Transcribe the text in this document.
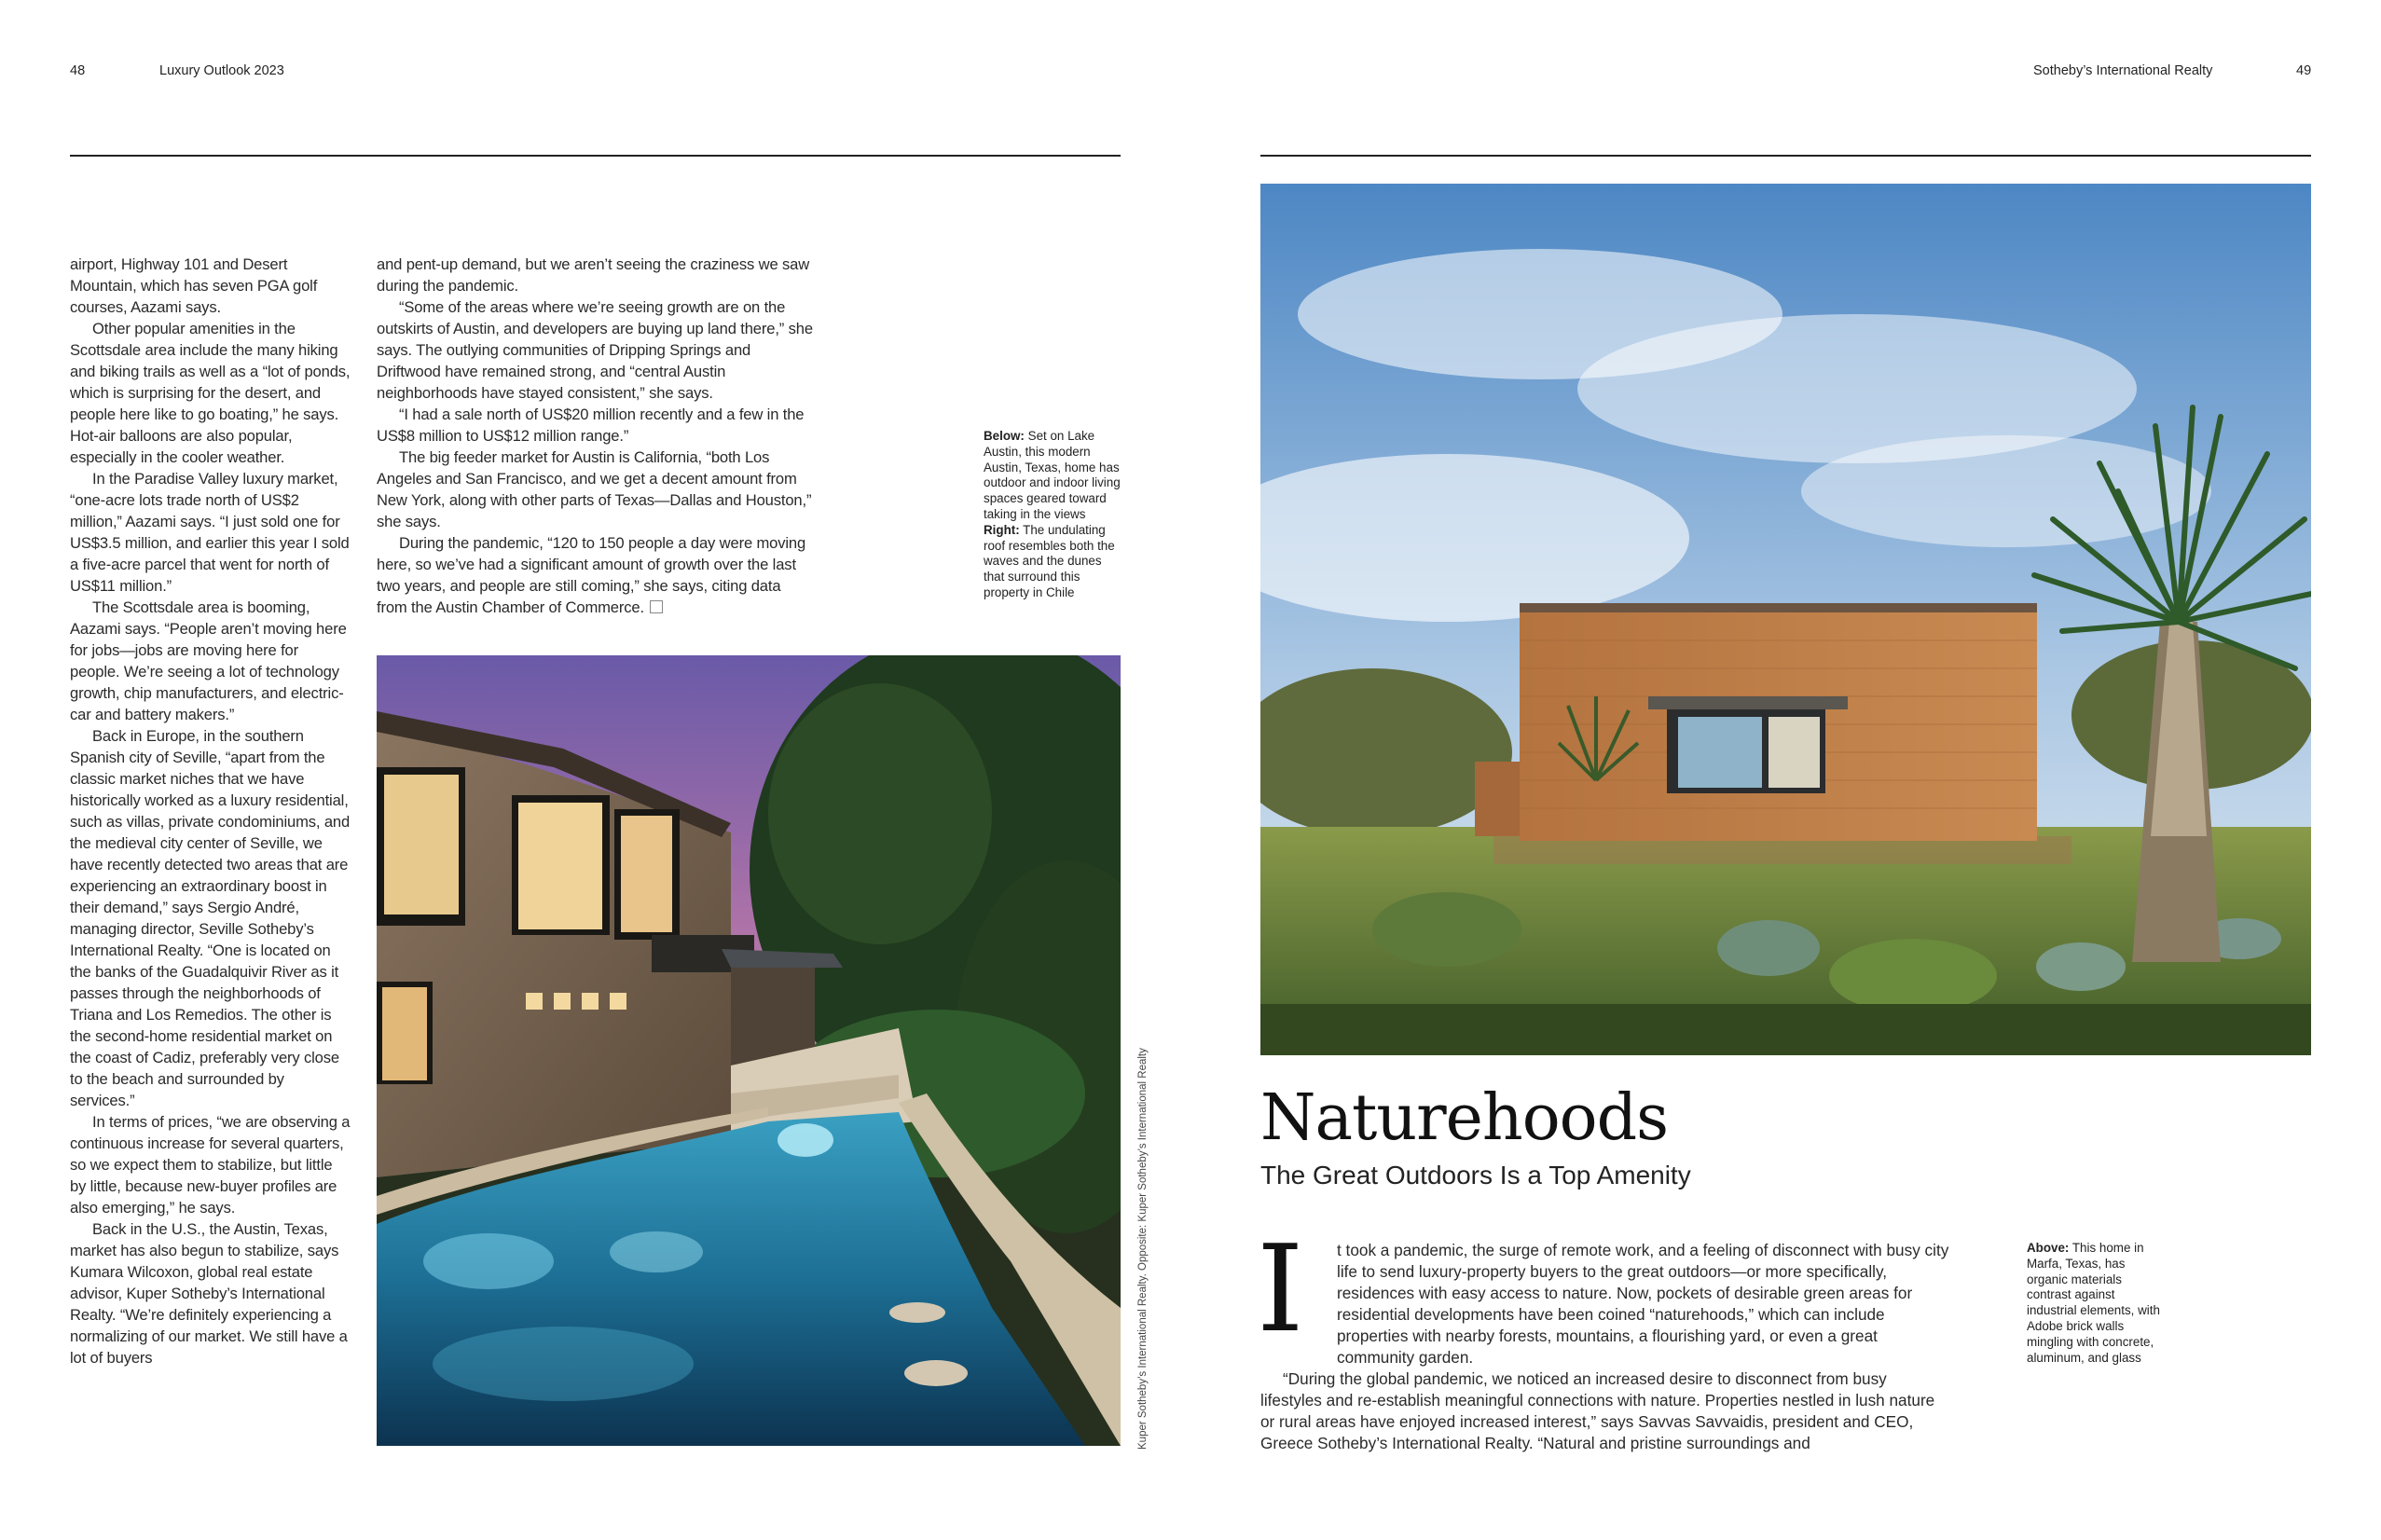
48	Luxury Outlook 2023	Sotheby’s International Realty	49

airport, Highway 101 and Desert Mountain, which has seven PGA golf courses, Aazami says.

Other popular amenities in the Scottsdale area include the many hiking and biking trails as well as a “lot of ponds, which is surprising for the desert, and people here like to go boating,” he says. Hot-air balloons are also popular, especially in the cooler weather.

In the Paradise Valley luxury market, “one-acre lots trade north of US$2 million,” Aazami says. “I just sold one for US$3.5 million, and earlier this year I sold a five-acre parcel that went for north of US$11 million.”

The Scottsdale area is booming, Aazami says. “People aren’t moving here for jobs—jobs are moving here for people. We’re seeing a lot of technology growth, chip manufacturers, and electric-car and battery makers.”

Back in Europe, in the southern Spanish city of Seville, “apart from the classic market niches that we have historically worked as a luxury residential, such as villas, private condominiums, and the medieval city center of Seville, we have recently detected two areas that are experiencing an extraordinary boost in their demand,” says Sergio André, managing director, Seville Sotheby’s International Realty. “One is located on the banks of the Guadalquivir River as it passes through the neighborhoods of Triana and Los Remedios. The other is the second-home residential market on the coast of Cadiz, preferably very close to the beach and surrounded by services.”

In terms of prices, “we are observing a continuous increase for several quarters, so we expect them to stabilize, but little by little, because new-buyer profiles are also emerging,” he says.

Back in the U.S., the Austin, Texas, market has also begun to stabilize, says Kumara Wilcoxon, global real estate advisor, Kuper Sotheby’s International Realty. “We’re definitely experiencing a normalizing of our market. We still have a lot of buyers

and pent-up demand, but we aren’t seeing the craziness we saw during the pandemic.

“Some of the areas where we’re seeing growth are on the outskirts of Austin, and developers are buying up land there,” she says. The outlying communities of Dripping Springs and Driftwood have remained strong, and “central Austin neighborhoods have stayed consistent,” she says.

“I had a sale north of US$20 million recently and a few in the US$8 million to US$12 million range.”

The big feeder market for Austin is California, “both Los Angeles and San Francisco, and we get a decent amount from New York, along with other parts of Texas—Dallas and Houston,” she says.

During the pandemic, “120 to 150 people a day were moving here, so we’ve had a significant amount of growth over the last two years, and people are still coming,” she says, citing data from the Austin Chamber of Commerce.

Below: Set on Lake Austin, this modern Austin, Texas, home has outdoor and indoor living spaces geared toward taking in the views
Right: The undulating roof resembles both the waves and the dunes that surround this property in Chile
Kuper Sotheby’s International Realty. Opposite: Kuper Sotheby’s International Realty Naturehoods
The Great Outdoors Is a Top Amenity
I t took a pandemic, the surge of remote work, and a feeling of disconnect with busy city life to send luxury-property buyers to the great outdoors—or more specifically, residences with easy access to nature. Now, pockets of desirable green areas for residential developments have been coined “naturehoods,” which can include properties with nearby forests, mountains, a flourishing yard, or even a great community garden.
“During the global pandemic, we noticed an increased desire to disconnect from busy lifestyles and re-establish meaningful connections with nature. Properties nestled in lush nature or rural areas have enjoyed increased interest,” says Savvas Savvaidis, president and CEO, Greece Sotheby’s International Realty. “Natural and pristine surroundings and
Above: This home in Marfa, Texas, has organic materials contrast against industrial elements, with Adobe brick walls mingling with concrete, aluminum, and glass
